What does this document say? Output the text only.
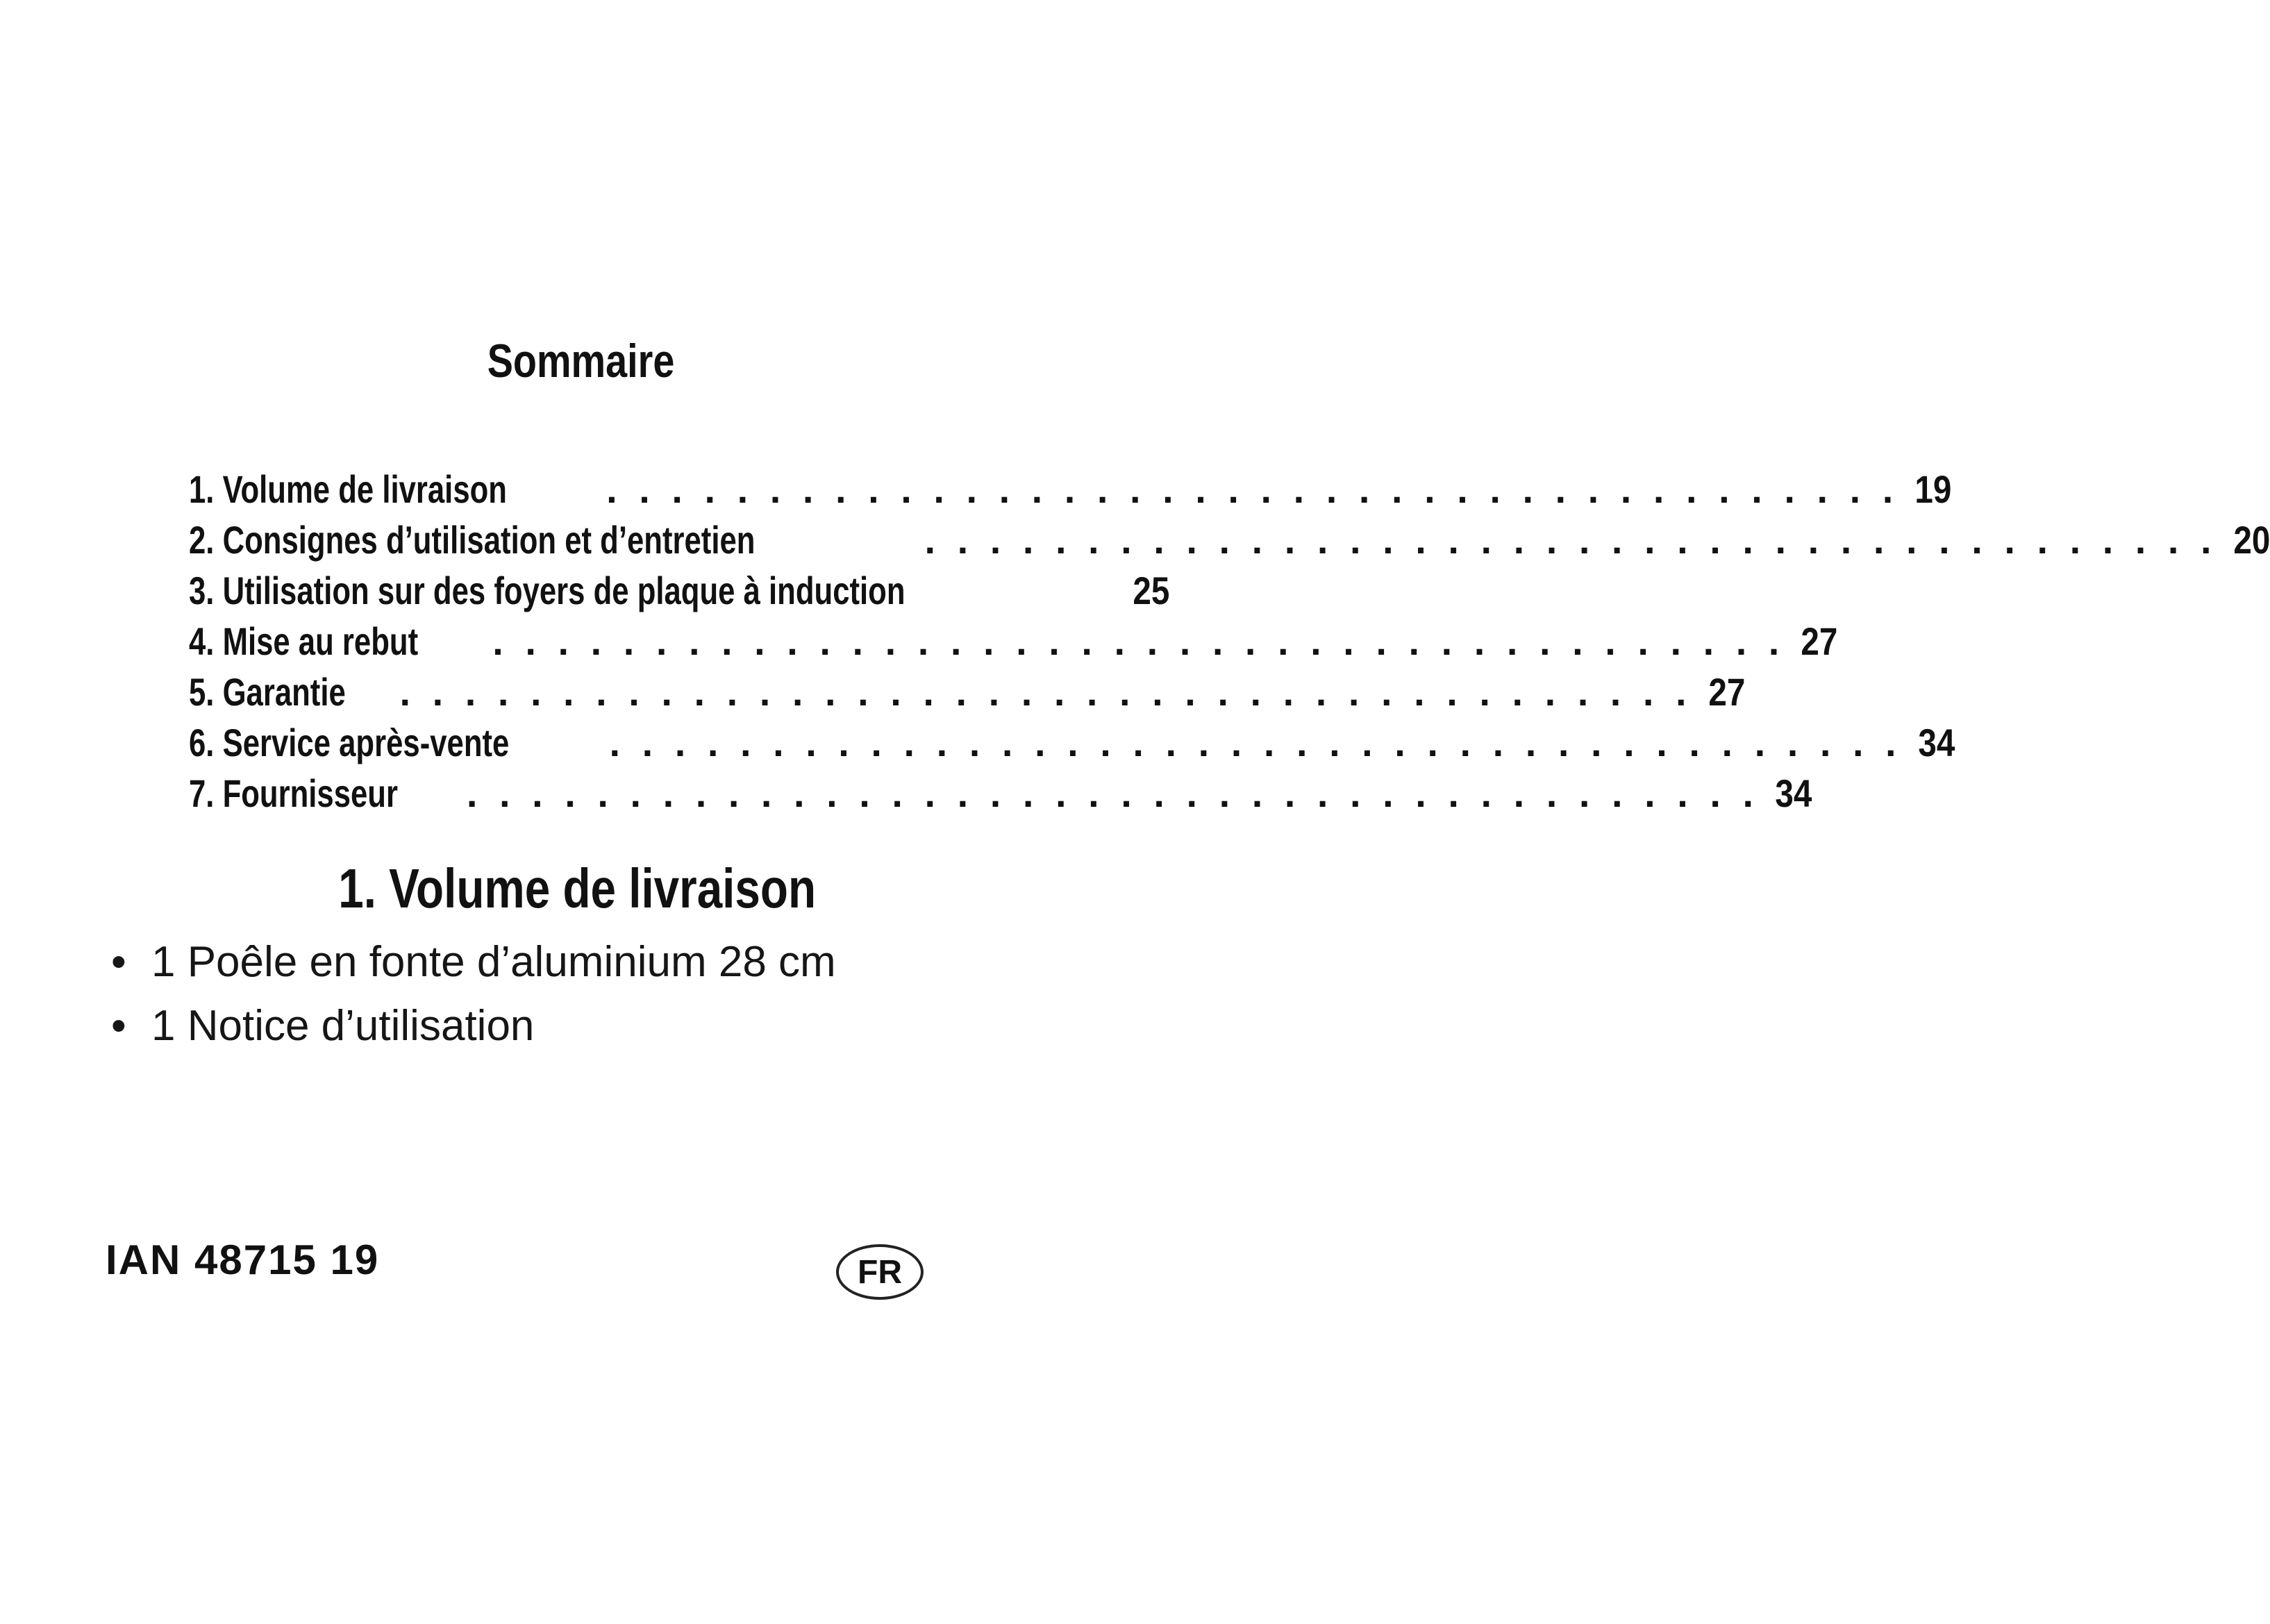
Sommaire
1. Volume de livraison	. . . . . . . . . . . . . . . . . . . . . . . . . . . . . . . . . . . . . . . . 19
2. Consignes d’utilisation et d’entretien	. . . . . . . . . . . . . . . . . . . . . . . . . . . . . . . . . . . . . . . . 20
3. Utilisation sur des foyers de plaque à induction	25
4. Mise au rebut . . . . . . . . . . . . . . . . . . . . . . . . . . . . . . . . . . . . . . . . 27
5. Garantie . . . . . . . . . . . . . . . . . . . . . . . . . . . . . . . . . . . . . . . . 27
6. Service après-vente	. . . . . . . . . . . . . . . . . . . . . . . . . . . . . . . . . . . . . . . . 34
7. Fournisseur . . . . . . . . . . . . . . . . . . . . . . . . . . . . . . . . . . . . . . . . 34
1. Volume de livraison
• 1 Poêle en fonte d’aluminium 28 cm
• 1 Notice d’utilisation
IAN 48715 19	FR
